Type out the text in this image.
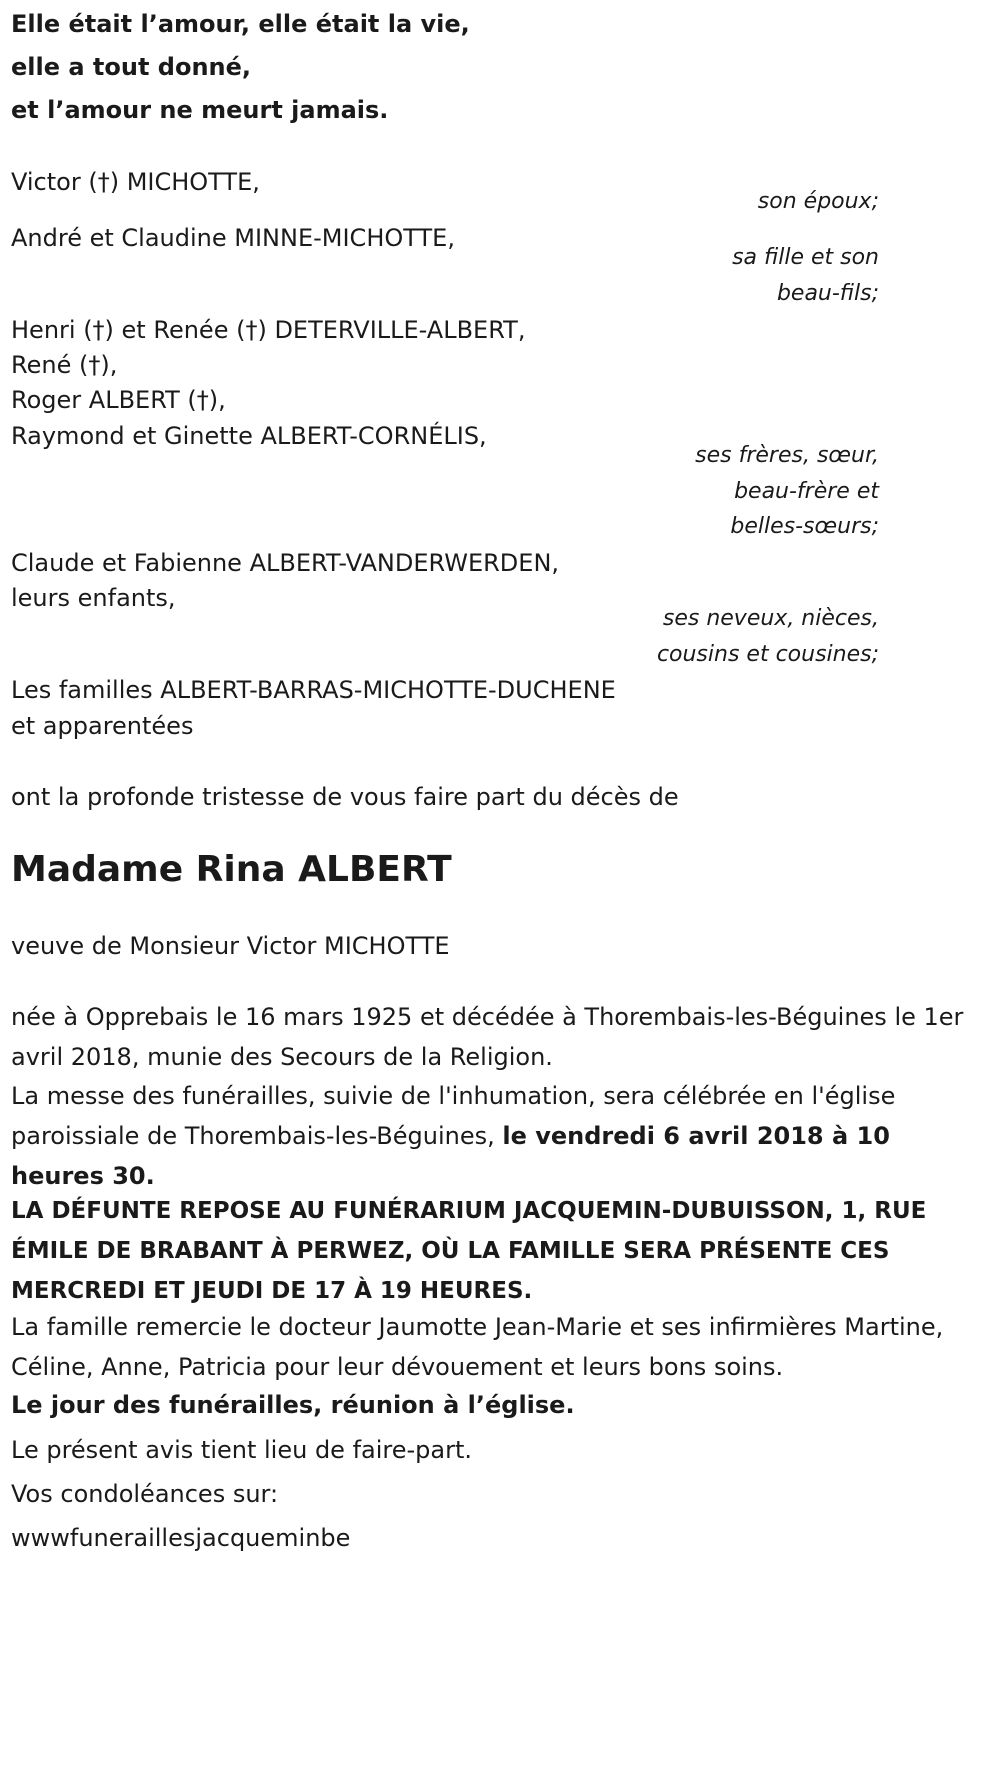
Elle était l’amour, elle était la vie,

elle a tout donné,

et l’amour ne meurt jamais.

Victor (†) MICHOTTE,

son époux;

André et Claudine MINNE-MICHOTTE,

sa fille et son

beau-fils;

Henri (†) et Renée (†) DETERVILLE-ALBERT,

René (†),

Roger ALBERT (†),

Raymond et Ginette ALBERT-CORNÉLIS,

ses frères, sœur,

beau-frère et

belles-sœurs;

Claude et Fabienne ALBERT-VANDERWERDEN,

leurs enfants,

ses neveux, nièces,

cousins et cousines;

Les familles ALBERT-BARRAS-MICHOTTE-DUCHENE

et apparentées

ont la profonde tristesse de vous faire part du décès de

Madame Rina ALBERT

veuve de Monsieur Victor MICHOTTE

née à Opprebais le 16 mars 1925 et décédée à Thorembais-les-Béguines le 1er avril 2018, munie des Secours de la Religion.

La messe des funérailles, suivie de l'inhumation, sera célébrée en l'église paroissiale de Thorembais-les-Béguines, le vendredi 6 avril 2018 à 10 heures 30.

LA DÉFUNTE REPOSE AU FUNÉRARIUM JACQUEMIN-DUBUISSON, 1, RUE ÉMILE DE BRABANT À PERWEZ, OÙ LA FAMILLE SERA PRÉSENTE CES MERCREDI ET JEUDI DE 17 À 19 HEURES.

La famille remercie le docteur Jaumotte Jean-Marie et ses infirmières Martine, Céline, Anne, Patricia pour leur dévouement et leurs bons soins.

Le jour des funérailles, réunion à l’église.

Le présent avis tient lieu de faire-part.

Vos condoléances sur:

wwwfuneraillesjacqueminbe
